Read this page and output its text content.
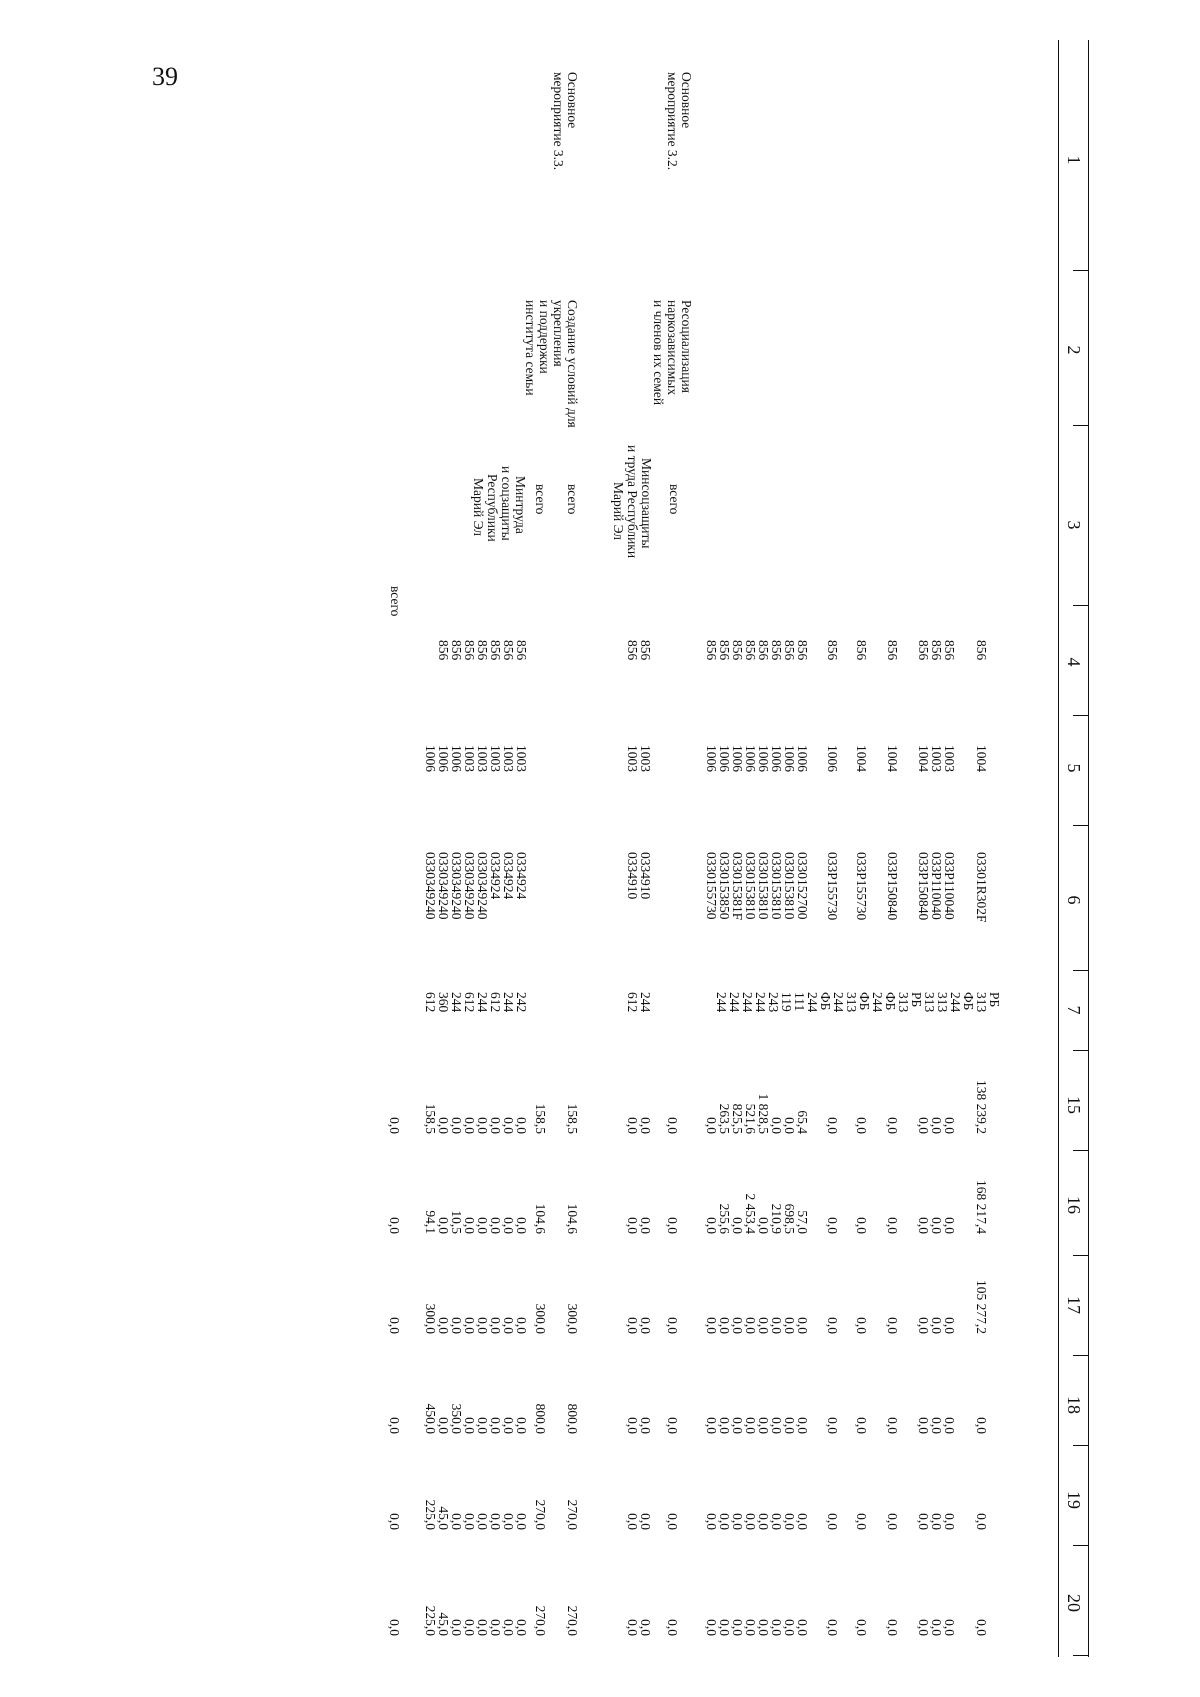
39
1
2
3
4
5
6
7
15
16
17
18
19
20
Основное
мероприятие 3.2.
Ресоциализация
наркозависимых
и членов их семей
всего
Минсоцзащиты
и труда Республики
Марий Эл
Основное
мероприятие 3.3.
Создание условий для
укрепления
и поддержки
института семьи
всего
всего
Минтруда
и соцзащиты
Республики
Марий Эл
всего
856
856
856
856
856
856
856
856
856
856
856
856
856
856
856
856
856
856
856
856
856
856
856
856
1004
1003
1003
1004
1004
1004
1006
1006
1006
1006
1006
1006
1006
1006
1006
1003
1003
1003
1003
1003
1003
1003
1006
1006
1006
03301R302F
033P110040
033P110040
033P150840
033P150840
033P155730
033P155730
0330152700
0330153810
0330153810
0330153810
0330153810
033015381F
0330153850
0330155730
0334910
0334910
0334924
0334924
0334924
0330349240
0330349240
0330349240
0330349240
0330349240
РБ
313
ФБ
244
313
313
РБ
313
ФБ
244
ФБ
313
244
ФБ
244
111
119
243
244
244
244
244
244
612
242
244
612
244
612
244
360
612
138 239,2
0,0
0,0
0,0
0,0
0,0
0,0
65,4
0,0
0,0
1 828,5
521,6
825,5
263,5
0,0
0,0
0,0
0,0
158,5
158,5
0,0
0,0
0,0
0,0
0,0
0,0
0,0
158,5
0,0
168 217,4
0,0
0,0
0,0
0,0
0,0
0,0
57,0
698,5
210,9
0,0
2 453,4
0,0
255,6
0,0
0,0
0,0
0,0
104,6
104,6
0,0
0,0
0,0
0,0
0,0
10,5
0,0
94,1
0,0
105 277,2
0,0
0,0
0,0
0,0
0,0
0,0
0,0
0,0
0,0
0,0
0,0
0,0
0,0
0,0
0,0
0,0
0,0
300,0
300,0
0,0
0,0
0,0
0,0
0,0
0,0
0,0
300,0
0,0
0,0
0,0
0,0
0,0
0,0
0,0
0,0
0,0
0,0
0,0
0,0
0,0
0,0
0,0
0,0
0,0
0,0
0,0
800,0
800,0
0,0
0,0
0,0
0,0
0,0
350,0
0,0
450,0
0,0
0,0
0,0
0,0
0,0
0,0
0,0
0,0
0,0
0,0
0,0
0,0
0,0
0,0
0,0
0,0
0,0
0,0
0,0
270,0
270,0
0,0
0,0
0,0
0,0
0,0
0,0
45,0
225,0
0,0
0,0
0,0
0,0
0,0
0,0
0,0
0,0
0,0
0,0
0,0
0,0
0,0
0,0
0,0
0,0
0,0
0,0
0,0
270,0
270,0
0,0
0,0
0,0
0,0
0,0
0,0
45,0
225,0
0,0
